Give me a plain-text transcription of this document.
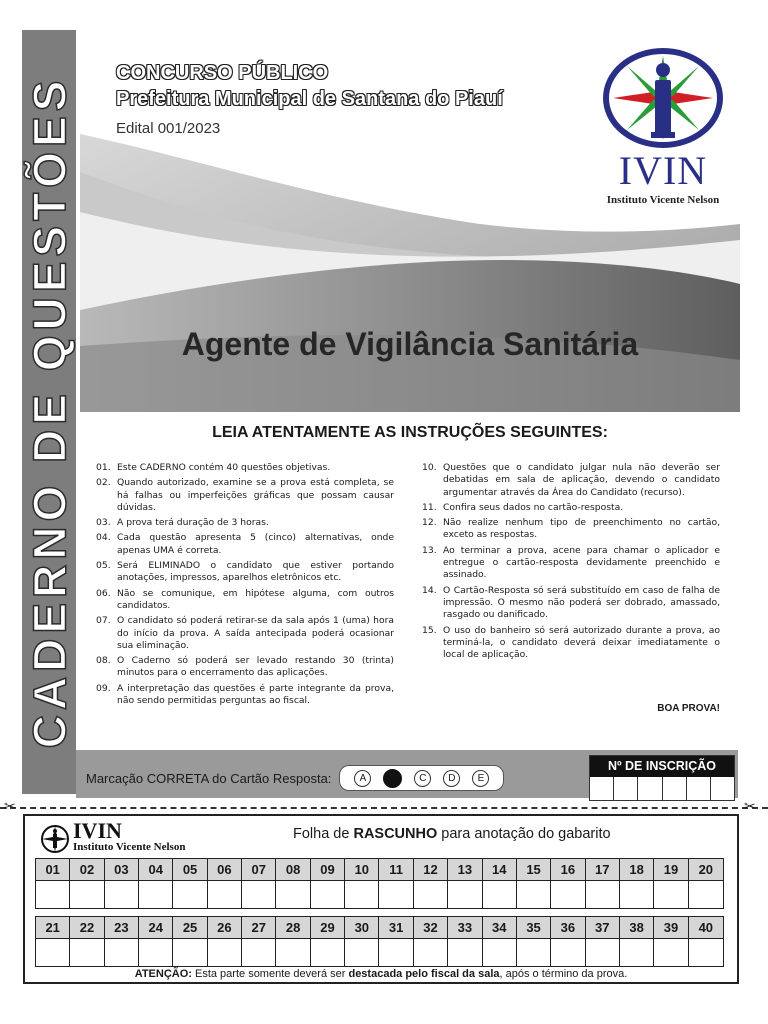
CADERNO DE QUESTÕES
CONCURSO PÚBLICO
Prefeitura Municipal de Santana do Piauí
Edital 001/2023
IVIN
Instituto Vicente Nelson
Agente de Vigilância Sanitária
LEIA ATENTAMENTE AS INSTRUÇÕES SEGUINTES:
01. Este CADERNO contém 40 questões objetivas.
02. Quando autorizado, examine se a prova está completa, se há falhas ou imperfeições gráficas que possam causar dúvidas.
03. A prova terá duração de 3 horas.
04. Cada questão apresenta 5 (cinco) alternativas, onde apenas UMA é correta.
05. Será ELIMINADO o candidato que estiver portando anotações, impressos, aparelhos eletrônicos etc.
06. Não se comunique, em hipótese alguma, com outros candidatos.
07. O candidato só poderá retirar-se da sala após 1 (uma) hora do início da prova. A saída antecipada poderá ocasionar sua eliminação.
08. O Caderno só poderá ser levado restando 30 (trinta) minutos para o encerramento das aplicações.
09. A interpretação das questões é parte integrante da prova, não sendo permitidas perguntas ao fiscal.
10. Questões que o candidato julgar nula não deverão ser debatidas em sala de aplicação, devendo o candidato argumentar através da Área do Candidato (recurso).
11. Confira seus dados no cartão-resposta.
12. Não realize nenhum tipo de preenchimento no cartão, exceto as respostas.
13. Ao terminar a prova, acene para chamar o aplicador e entregue o cartão-resposta devidamente preenchido e assinado.
14. O Cartão-Resposta só será substituído em caso de falha de impressão. O mesmo não poderá ser dobrado, amassado, rasgado ou danificado.
15. O uso do banheiro só será autorizado durante a prova, ao terminá-la, o candidato deverá deixar imediatamente o local de aplicação.
BOA PROVA!
Marcação CORRETA do Cartão Resposta:	A	C	D	E
Nº DE INSCRIÇÃO
✂	✂
IVIN
Instituto Vicente Nelson
Folha de RASCUNHO para anotação do gabarito
01	02	03	04	05	06	07	08	09	10	11	12	13	14	15	16	17	18	19	20
21	22	23	24	25	26	27	28	29	30	31	32	33	34	35	36	37	38	39	40
ATENÇÃO: Esta parte somente deverá ser destacada pelo fiscal da sala, após o término da prova.
